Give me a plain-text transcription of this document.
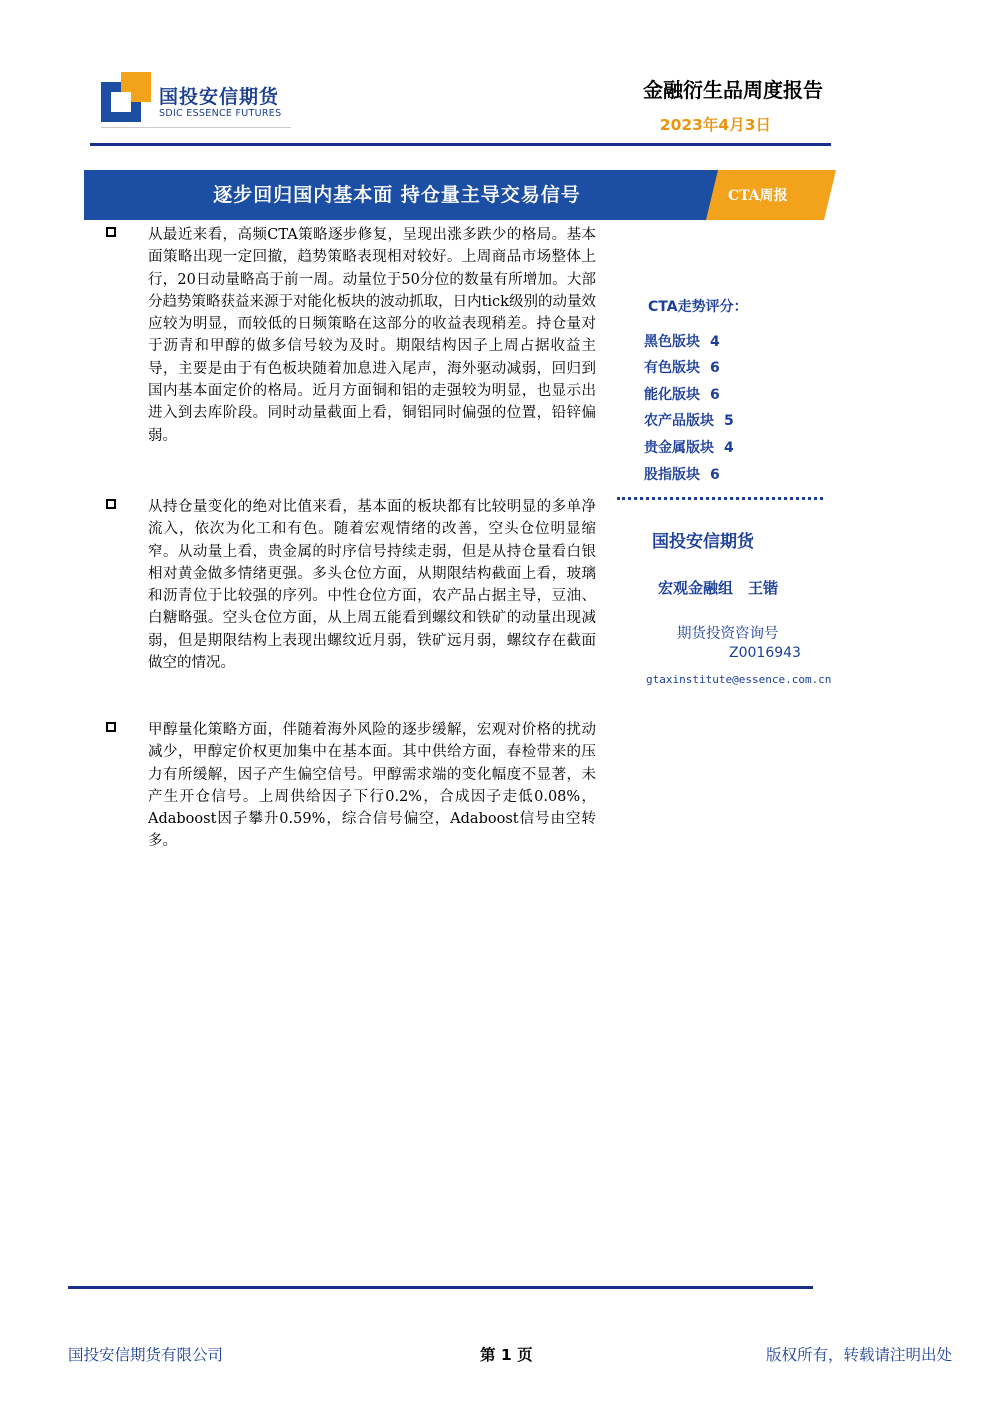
国投安信期货
SDIC ESSENCE FUTURES
金融衍生品周度报告
2023年4月3日
逐步回归国内基本面 持仓量主导交易信号	CTA周报
从最近来看，高频CTA策略逐步修复，呈现出涨多跌少的格局。基本面策略出现一定回撤，趋势策略表现相对较好。上周商品市场整体上行，20日动量略高于前一周。动量位于50分位的数量有所增加。大部分趋势策略获益来源于对能化板块的波动抓取，日内tick级别的动量效应较为明显，而较低的日频策略在这部分的收益表现稍差。持仓量对于沥青和甲醇的做多信号较为及时。期限结构因子上周占据收益主导，主要是由于有色板块随着加息进入尾声，海外驱动减弱，回归到国内基本面定价的格局。近月方面铜和铝的走强较为明显，也显示出进入到去库阶段。同时动量截面上看，铜铝同时偏强的位置，铅锌偏弱。
从持仓量变化的绝对比值来看，基本面的板块都有比较明显的多单净流入，依次为化工和有色。随着宏观情绪的改善，空头仓位明显缩窄。从动量上看，贵金属的时序信号持续走弱，但是从持仓量看白银相对黄金做多情绪更强。多头仓位方面，从期限结构截面上看，玻璃和沥青位于比较强的序列。中性仓位方面，农产品占据主导，豆油、白糖略强。空头仓位方面，从上周五能看到螺纹和铁矿的动量出现减弱，但是期限结构上表现出螺纹近月弱，铁矿远月弱，螺纹存在截面做空的情况。
甲醇量化策略方面，伴随着海外风险的逐步缓解，宏观对价格的扰动减少，甲醇定价权更加集中在基本面。其中供给方面，春检带来的压力有所缓解，因子产生偏空信号。甲醇需求端的变化幅度不显著，未产生开仓信号。上周供给因子下行0.2%，合成因子走低0.08%，Adaboost因子攀升0.59%，综合信号偏空，Adaboost信号由空转多。
CTA走势评分：
黑色版块 4
有色版块 6
能化版块 6
农产品版块 5
贵金属版块 4
股指版块 6
国投安信期货
宏观金融组　王锴
期货投资咨询号
Z0016943
gtaxinstitute@essence.com.cn
国投安信期货有限公司	第 1 页	版权所有，转载请注明出处
